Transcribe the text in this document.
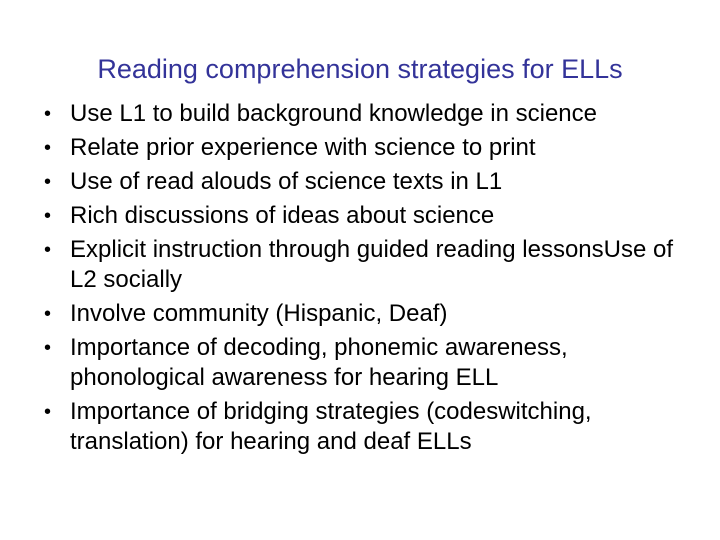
Reading comprehension strategies for ELLs
• Use L1 to build background knowledge in science
• Relate prior experience with science to print
• Use of read alouds of science texts in L1
• Rich discussions of ideas about science
• Explicit instruction through guided reading lessonsUse of L2 socially
• Involve community (Hispanic, Deaf)
• Importance of decoding, phonemic awareness, phonological awareness for hearing ELL
• Importance of bridging strategies (codeswitching, translation) for hearing and deaf ELLs
